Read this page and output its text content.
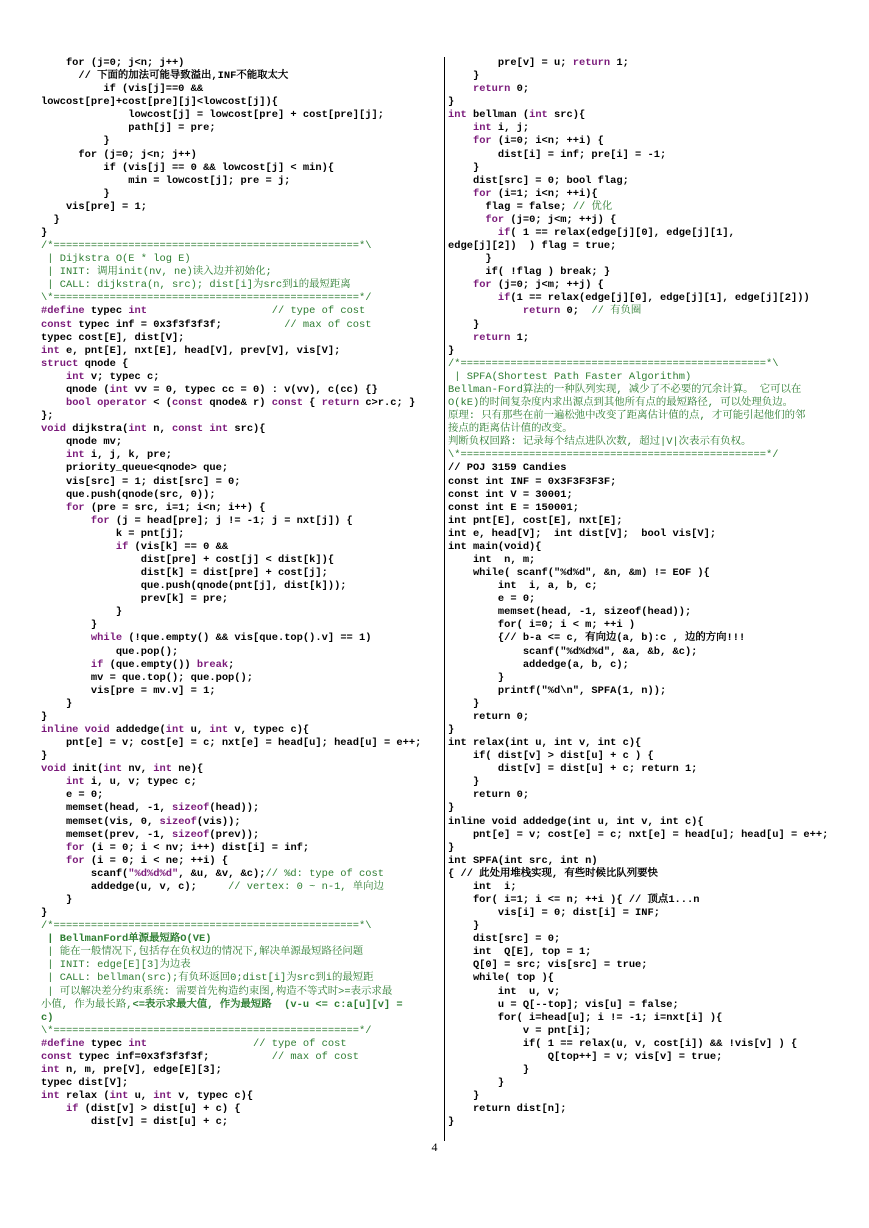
for (j=0; j<n; j++)
// 下面的加法可能导致溢出,INF不能取太大
if (vis[j]==0 &&
lowcost[pre]+cost[pre][j]<lowcost[j]){
lowcost[j] = lowcost[pre] + cost[pre][j];
path[j] = pre;
}
for (j=0; j<n; j++)
if (vis[j] == 0 && lowcost[j] < min){
min = lowcost[j]; pre = j;
}
vis[pre] = 1;
}
}
/*=================================================*\
| Dijkstra O(E * log E)
| INIT: 调用init(nv, ne)读入边并初始化;
| CALL: dijkstra(n, src); dist[i]为src到i的最短距离
\*=================================================*/
#define typec int                    // type of cost
const typec inf = 0x3f3f3f3f;          // max of cost
typec cost[E], dist[V];
int e, pnt[E], nxt[E], head[V], prev[V], vis[V];
struct qnode {
int v; typec c;
qnode (int vv = 0, typec cc = 0) : v(vv), c(cc) {}
bool operator < (const qnode& r) const { return c>r.c; }
};
void dijkstra(int n, const int src){
qnode mv;
int i, j, k, pre;
priority_queue<qnode> que;
vis[src] = 1; dist[src] = 0;
que.push(qnode(src, 0));
for (pre = src, i=1; i<n; i++) {
for (j = head[pre]; j != -1; j = nxt[j]) {
k = pnt[j];
if (vis[k] == 0 &&
dist[pre] + cost[j] < dist[k]){
dist[k] = dist[pre] + cost[j];
que.push(qnode(pnt[j], dist[k]));
prev[k] = pre;
}
}
while (!que.empty() && vis[que.top().v] == 1)
que.pop();
if (que.empty()) break;
mv = que.top(); que.pop();
vis[pre = mv.v] = 1;
}
}
inline void addedge(int u, int v, typec c){
pnt[e] = v; cost[e] = c; nxt[e] = head[u]; head[u] = e++;
}
void init(int nv, int ne){
int i, u, v; typec c;
e = 0;
memset(head, -1, sizeof(head));
memset(vis, 0, sizeof(vis));
memset(prev, -1, sizeof(prev));
for (i = 0; i < nv; i++) dist[i] = inf;
for (i = 0; i < ne; ++i) {
scanf("%d%d%d", &u, &v, &c);// %d: type of cost
addedge(u, v, c);     // vertex: 0 ~ n-1, 单向边
}
}
/*=================================================*\
| BellmanFord单源最短路O(VE)
| 能在一般情况下,包括存在负权边的情况下,解决单源最短路径问题
| INIT: edge[E][3]为边表
| CALL: bellman(src);有负环返回0;dist[i]为src到i的最短距
| 可以解决差分约束系统: 需要首先构造约束图,构造不等式时>=表示求最
小值, 作为最长路,<=表示求最大值, 作为最短路  (v-u <= c:a[u][v] =
c)
\*=================================================*/
#define typec int                 // type of cost
const typec inf=0x3f3f3f3f;          // max of cost
int n, m, pre[V], edge[E][3];
typec dist[V];
int relax (int u, int v, typec c){
if (dist[v] > dist[u] + c) {
dist[v] = dist[u] + c;
pre[v] = u; return 1;
}
return 0;
}
int bellman (int src){
int i, j;
for (i=0; i<n; ++i) {
dist[i] = inf; pre[i] = -1;
}
dist[src] = 0; bool flag;
for (i=1; i<n; ++i){
flag = false; // 优化
for (j=0; j<m; ++j) {
if( 1 == relax(edge[j][0], edge[j][1],
edge[j][2])  ) flag = true;
}
if( !flag ) break; }
for (j=0; j<m; ++j) {
if(1 == relax(edge[j][0], edge[j][1], edge[j][2]))
return 0;  // 有负圈
}
return 1;
}
/*=================================================*\
| SPFA(Shortest Path Faster Algorithm)
Bellman-Ford算法的一种队列实现, 减少了不必要的冗余计算。 它可以在
O(kE)的时间复杂度内求出源点到其他所有点的最短路径, 可以处理负边。
原理: 只有那些在前一遍松弛中改变了距离估计值的点, 才可能引起他们的邻
接点的距离估计值的改变。
判断负权回路: 记录每个结点进队次数, 超过|V|次表示有负权。
\*=================================================*/
// POJ 3159 Candies
const int INF = 0x3F3F3F3F;
const int V = 30001;
const int E = 150001;
int pnt[E], cost[E], nxt[E];
int e, head[V];  int dist[V];  bool vis[V];
int main(void){
int  n, m;
while( scanf("%d%d", &n, &m) != EOF ){
int  i, a, b, c;
e = 0;
memset(head, -1, sizeof(head));
for( i=0; i < m; ++i )
{// b-a <= c, 有向边(a, b):c , 边的方向!!!
scanf("%d%d%d", &a, &b, &c);
addedge(a, b, c);
}
printf("%d\n", SPFA(1, n));
}
return 0;
}
int relax(int u, int v, int c){
if( dist[v] > dist[u] + c ) {
dist[v] = dist[u] + c; return 1;
}
return 0;
}
inline void addedge(int u, int v, int c){
pnt[e] = v; cost[e] = c; nxt[e] = head[u]; head[u] = e++;
}
int SPFA(int src, int n)
{ // 此处用堆栈实现, 有些时候比队列要快
int  i;
for( i=1; i <= n; ++i ){ // 顶点1...n
vis[i] = 0; dist[i] = INF;
}
dist[src] = 0;
int  Q[E], top = 1;
Q[0] = src; vis[src] = true;
while( top ){
int  u, v;
u = Q[--top]; vis[u] = false;
for( i=head[u]; i != -1; i=nxt[i] ){
v = pnt[i];
if( 1 == relax(u, v, cost[i]) && !vis[v] ) {
Q[top++] = v; vis[v] = true;
}
}
}
return dist[n];
}
4
